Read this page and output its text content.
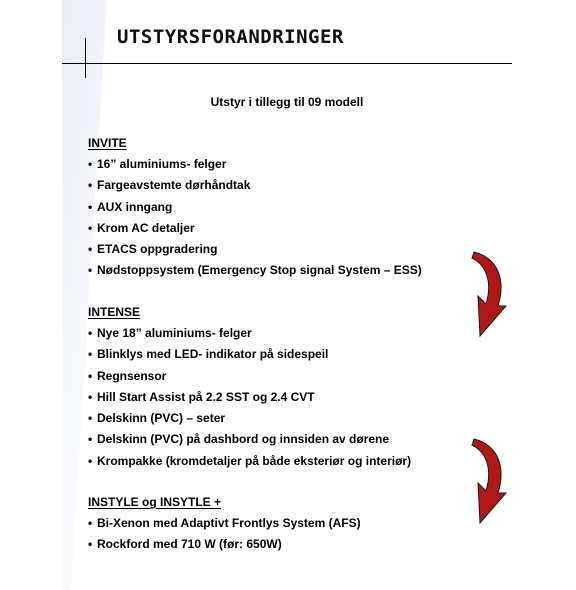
UTSTYRSFORANDRINGER
Utstyr i tillegg til 09 modell
INVITE
• 16” aluminiums- felger
• Fargeavstemte dørhåndtak
• AUX inngang
• Krom AC detaljer
• ETACS oppgradering
• Nødstoppsystem (Emergency Stop signal System – ESS)
INTENSE
• Nye 18” aluminiums- felger
• Blinklys med LED- indikator på sidespeil
• Regnsensor
• Hill Start Assist på 2.2 SST og 2.4 CVT
• Delskinn (PVC) – seter
• Delskinn (PVC) på dashbord og innsiden av dørene
• Krompakke (kromdetaljer på både eksteriør og interiør)
INSTYLE og INSYTLE +
• Bi-Xenon med Adaptivt Frontlys System (AFS)
• Rockford med 710 W (før: 650W)
